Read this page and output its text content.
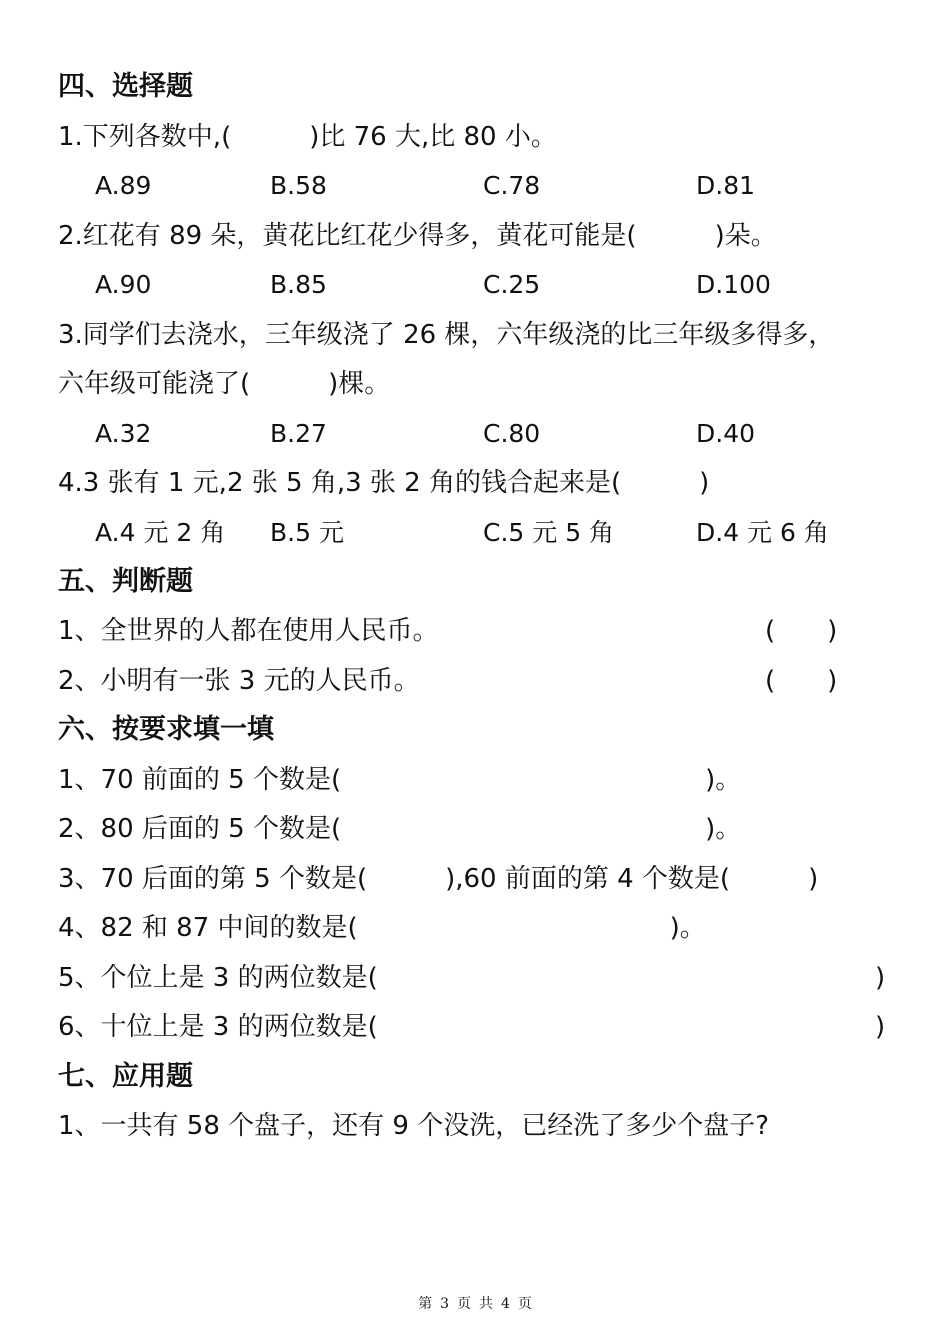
四、选择题
1.下列各数中,(　　　)比 76 大,比 80 小。
A.89	B.58	C.78	D.81
2.红花有 89 朵，黄花比红花少得多，黄花可能是(　　　)朵。
A.90	B.85	C.25	D.100
3.同学们去浇水，三年级浇了 26 棵，六年级浇的比三年级多得多，
六年级可能浇了(　　　)棵。
A.32	B.27	C.80	D.40
4.3 张有 1 元,2 张 5 角,3 张 2 角的钱合起来是(　　　)
A.4 元 2 角 B.5 元	C.5 元 5 角	D.4 元 6 角
五、判断题
1、全世界的人都在使用人民币。	(　　)
2、小明有一张 3 元的人民币。	(　　)
六、按要求填一填
1、70 前面的 5 个数是(　　　　　　　　　　　　　　)。
2、80 后面的 5 个数是(　　　　　　　　　　　　　　)。
3、70 后面的第 5 个数是(　　　),60 前面的第 4 个数是(　　　)
4、82 和 87 中间的数是(　　　　　　　　　　　　)。
5、个位上是 3 的两位数是(	)
6、十位上是 3 的两位数是(	)
七、应用题
1、一共有 58 个盘子，还有 9 个没洗，已经洗了多少个盘子?
第 3 页 共 4 页
